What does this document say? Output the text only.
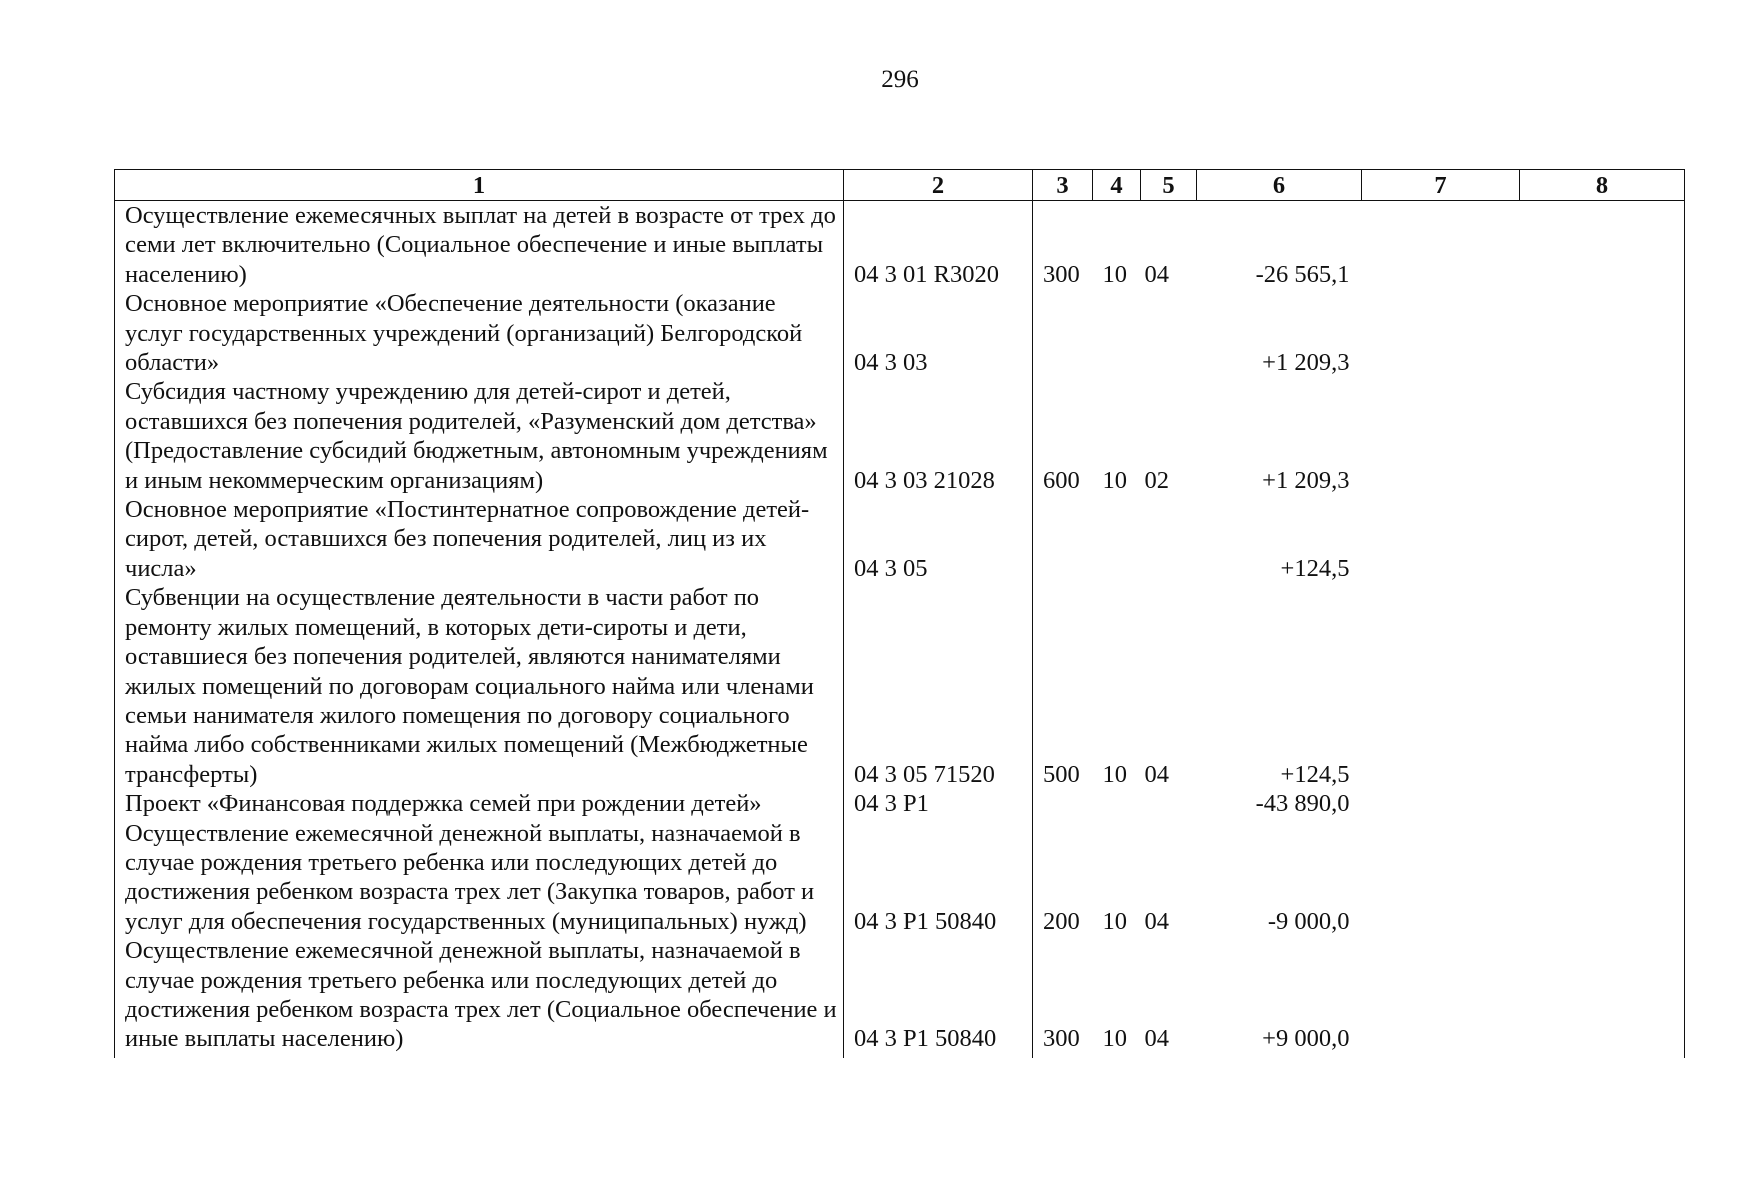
296
1	2	3	4	5	6	7	8
Осуществление ежемесячных выплат на детей в возрасте от трех до семи лет включительно (Социальное обеспечение и иные выплаты населению)	04 3 01 R3020	300	10	04	-26 565,1		
Основное мероприятие «Обеспечение деятельности (оказание услуг государственных учреждений (организаций) Белгородской области»	04 3 03				+1 209,3		
Субсидия частному учреждению для детей-сирот и детей, оставшихся без попечения родителей, «Разуменский дом детства» (Предоставление субсидий бюджетным, автономным учреждениям и иным некоммерческим организациям)	04 3 03 21028	600	10	02	+1 209,3		
Основное мероприятие «Постинтернатное сопровождение детей-сирот, детей, оставшихся без попечения родителей, лиц из их числа»	04 3 05				+124,5		
Субвенции на осуществление деятельности в части работ по ремонту жилых помещений, в которых дети-сироты и дети, оставшиеся без попечения родителей, являются нанимателями жилых помещений по договорам социального найма или членами семьи нанимателя жилого помещения по договору социального найма либо собственниками жилых помещений (Межбюджетные трансферты)	04 3 05 71520	500	10	04	+124,5		
Проект «Финансовая поддержка семей при рождении детей»	04 3 P1				-43 890,0		
Осуществление ежемесячной денежной выплаты, назначаемой в случае рождения третьего ребенка или последующих детей до достижения ребенком возраста трех лет (Закупка товаров, работ и услуг для обеспечения государственных (муниципальных) нужд)	04 3 P1 50840	200	10	04	-9 000,0		
Осуществление ежемесячной денежной выплаты, назначаемой в случае рождения третьего ребенка или последующих детей до достижения ребенком возраста трех лет (Социальное обеспечение и иные выплаты населению)	04 3 P1 50840	300	10	04	+9 000,0		
